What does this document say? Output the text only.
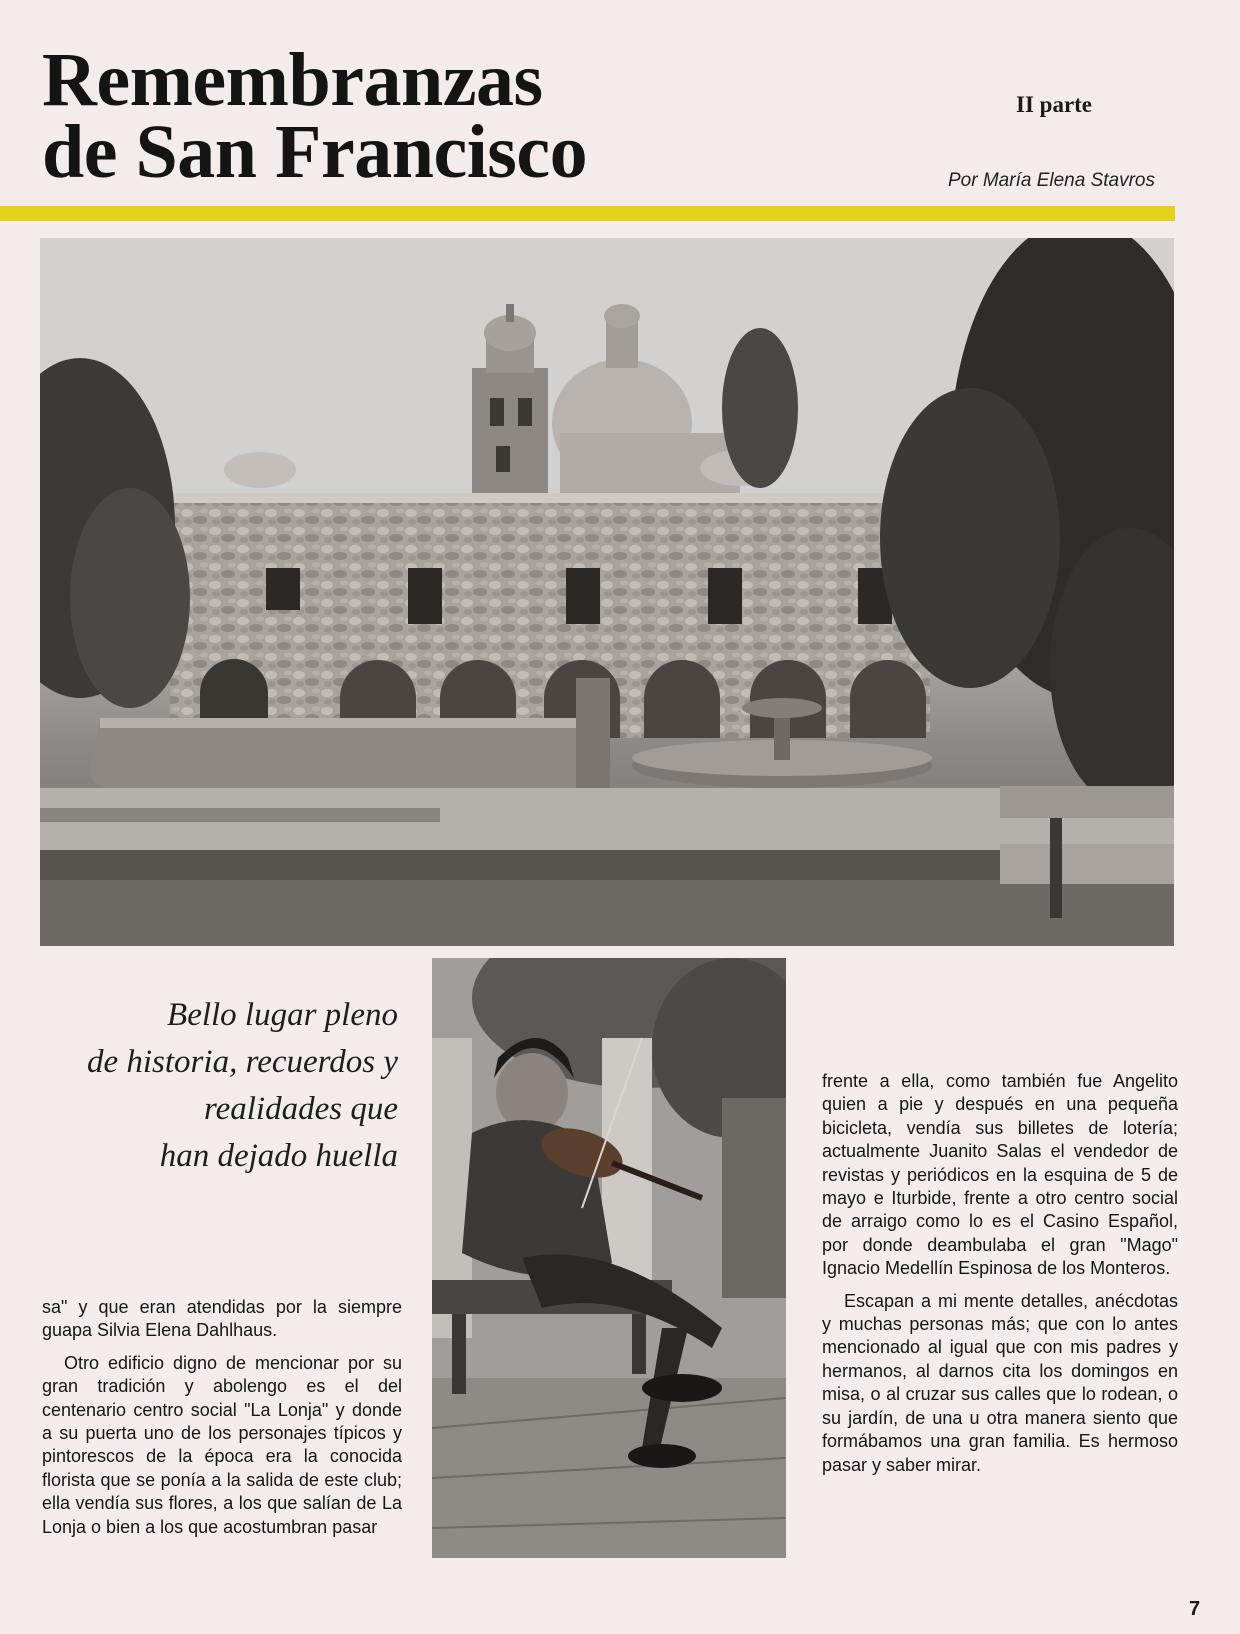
Remembranzas
de San Francisco
II parte
Por María Elena Stavros
Bello lugar pleno
de historia, recuerdos y
realidades que
han dejado huella

sa" y que eran atendidas por la siempre guapa Silvia Elena Dahlhaus.

Otro edificio digno de mencionar por su gran tradición y abolengo es el del centenario centro social "La Lonja" y donde a su puerta uno de los personajes típicos y pintorescos de la época era la conocida florista que se ponía a la salida de este club; ella vendía sus flores, a los que salían de La Lonja o bien a los que acostumbran pasar

frente a ella, como también fue Angelito quien a pie y después en una pequeña bicicleta, vendía sus billetes de lotería; actualmente Juanito Salas el vendedor de revistas y periódicos en la esquina de 5 de mayo e Iturbide, frente a otro centro social de arraigo como lo es el Casino Español, por donde deambulaba el gran "Mago" Ignacio Medellín Espinosa de los Monteros.

Escapan a mi mente detalles, anécdotas y muchas personas más; que con lo antes mencionado al igual que con mis padres y hermanos, al darnos cita los domingos en misa, o al cruzar sus calles que lo rodean, o su jardín, de una u otra manera siento que formábamos una gran familia. Es hermoso pasar y saber mirar.

7
